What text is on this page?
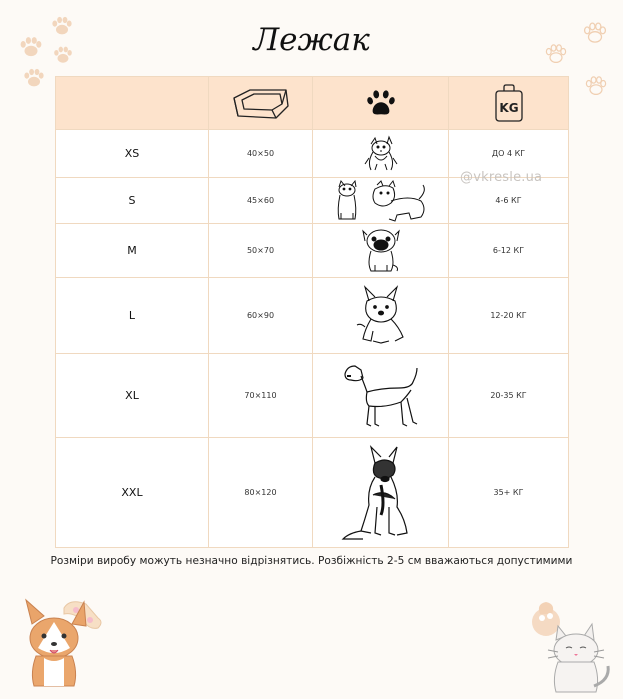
Лежак

KG

XS	40×50		ДО 4 КГ
S	45×60		4-6 КГ
M	50×70		6-12 КГ
L	60×90		12-20 КГ
XL	70×110		20-35 КГ
XXL	80×120		35+ КГ
@vkresle.ua
Розміри виробу можуть незначно відрізнятись. Розбіжність 2-5 см вважаються допустимими
